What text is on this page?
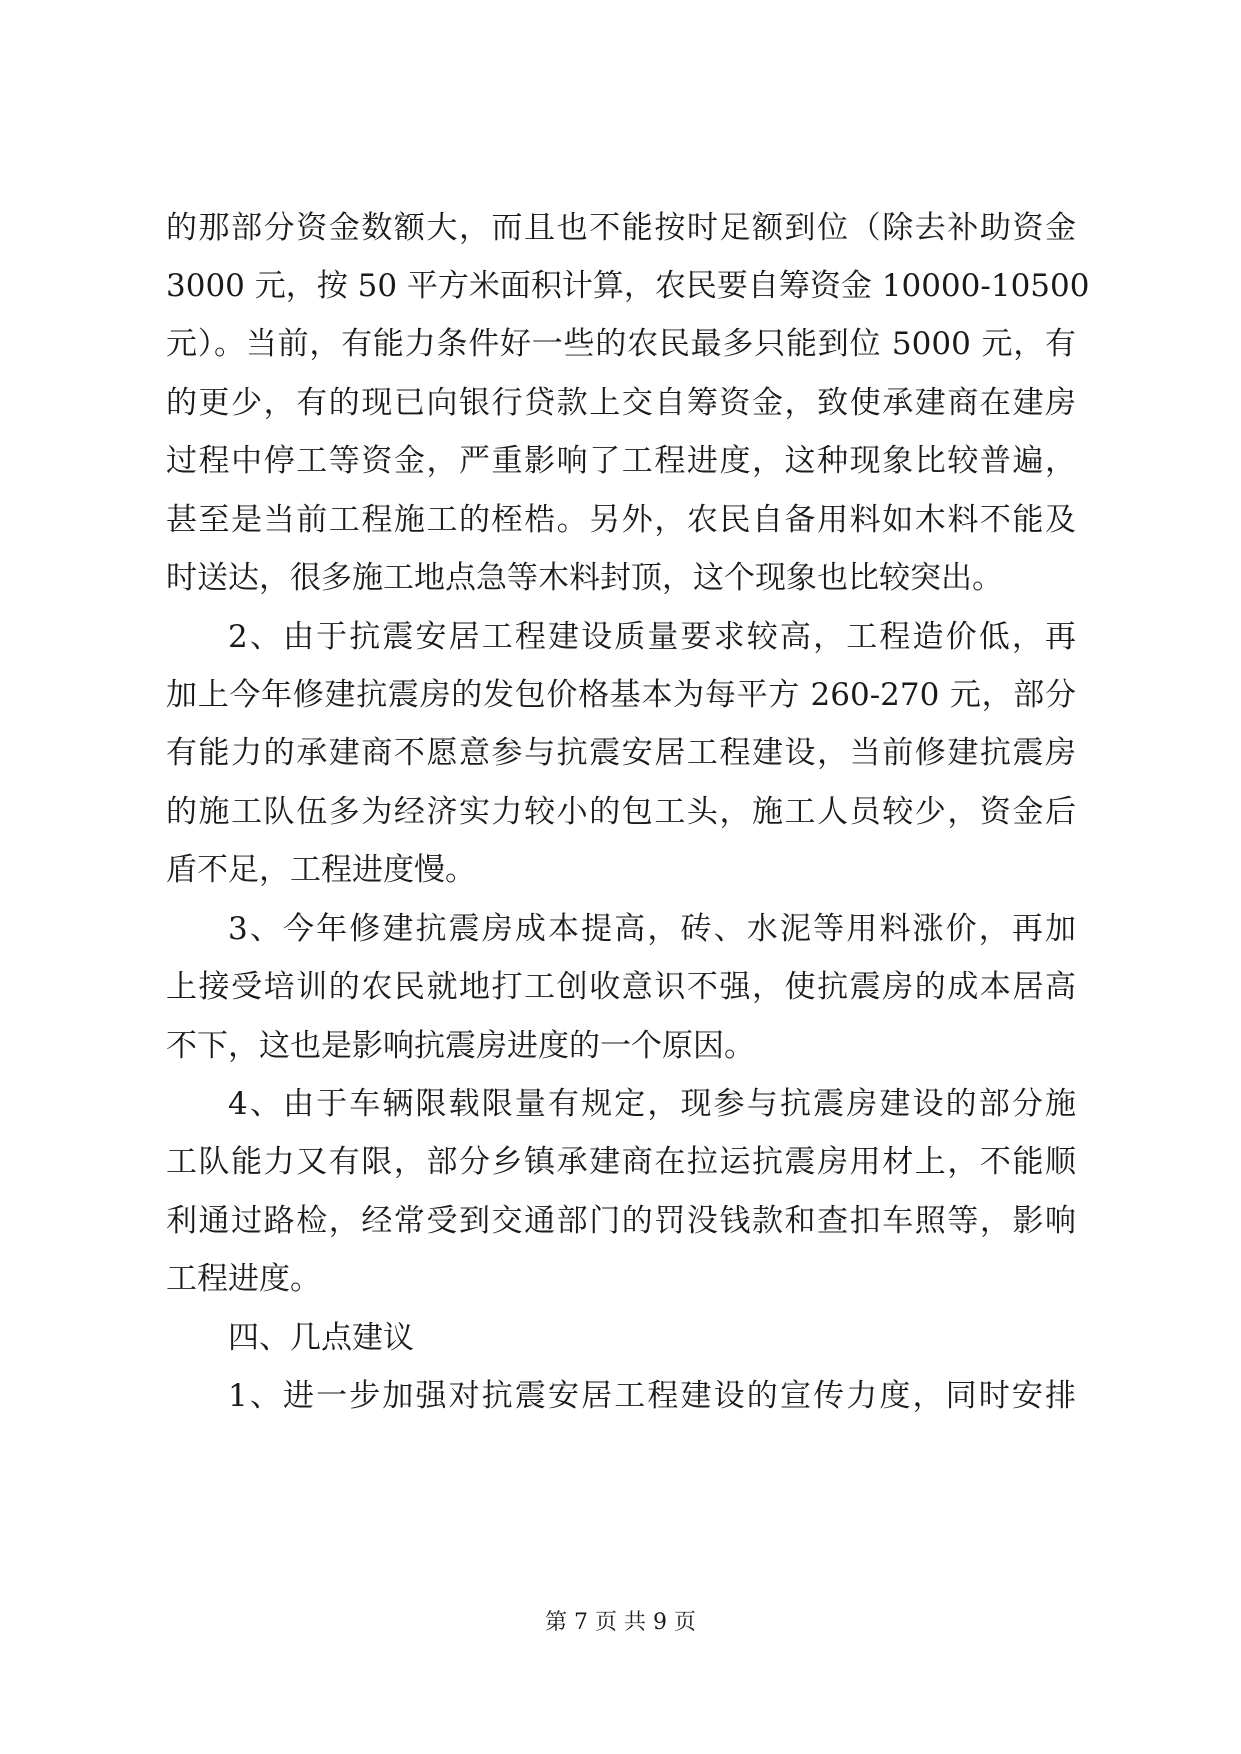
的那部分资金数额大，而且也不能按时足额到位（除去补助资金
3000 元，按 50 平方米面积计算，农民要自筹资金 10000-10500
元）。当前，有能力条件好一些的农民最多只能到位 5000 元，有
的更少，有的现已向银行贷款上交自筹资金，致使承建商在建房
过程中停工等资金，严重影响了工程进度，这种现象比较普遍，
甚至是当前工程施工的桎梏。另外，农民自备用料如木料不能及
时送达，很多施工地点急等木料封顶，这个现象也比较突出。
2、由于抗震安居工程建设质量要求较高，工程造价低，再
加上今年修建抗震房的发包价格基本为每平方 260-270 元，部分
有能力的承建商不愿意参与抗震安居工程建设，当前修建抗震房
的施工队伍多为经济实力较小的包工头，施工人员较少，资金后
盾不足，工程进度慢。
3、今年修建抗震房成本提高，砖、水泥等用料涨价，再加
上接受培训的农民就地打工创收意识不强，使抗震房的成本居高
不下，这也是影响抗震房进度的一个原因。
4、由于车辆限载限量有规定，现参与抗震房建设的部分施
工队能力又有限，部分乡镇承建商在拉运抗震房用材上，不能顺
利通过路检，经常受到交通部门的罚没钱款和查扣车照等，影响
工程进度。
四、几点建议
1、进一步加强对抗震安居工程建设的宣传力度，同时安排
第 7 页 共 9 页
